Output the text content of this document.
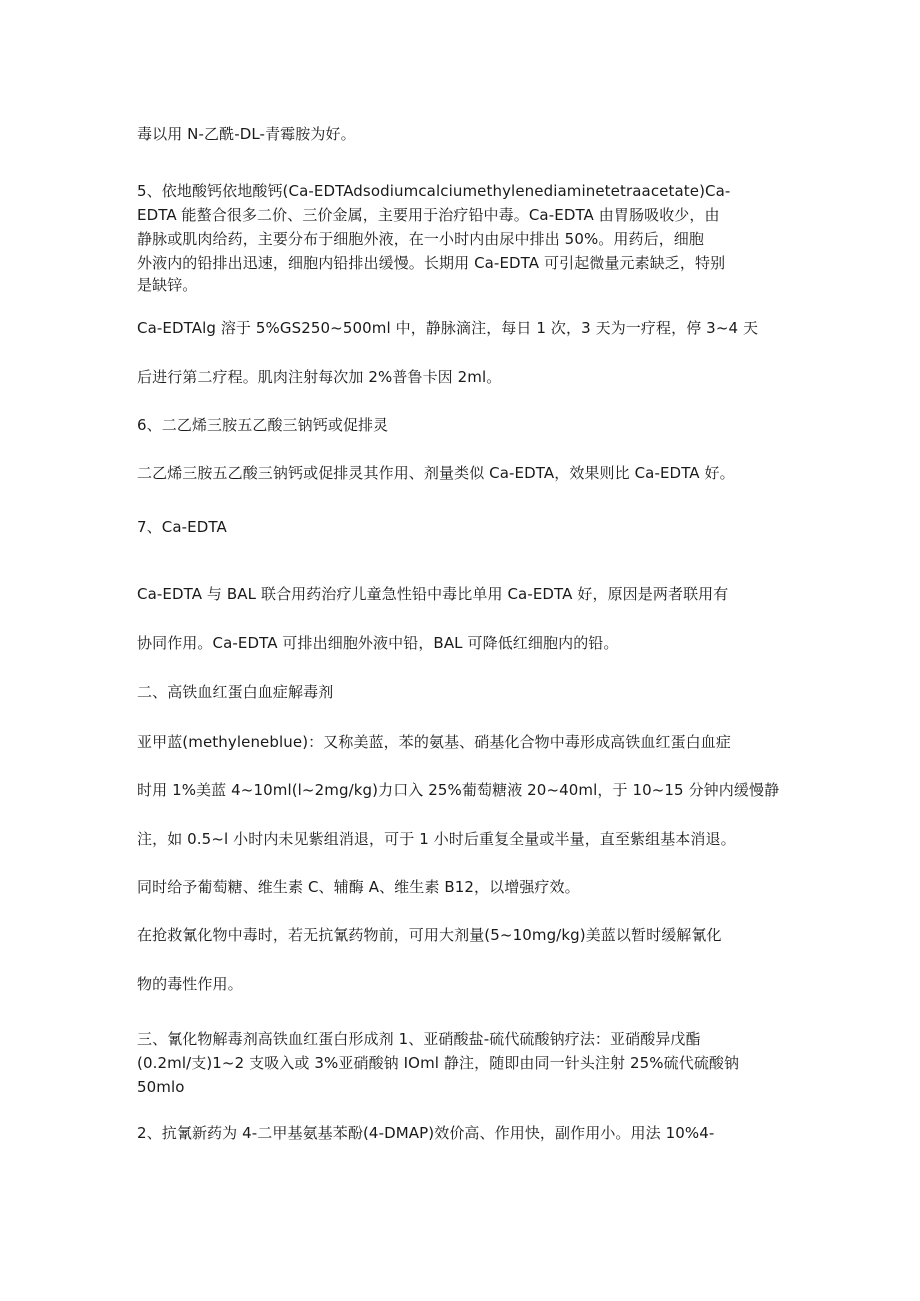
毒以用 N-乙酰-DL-青霉胺为好。
5、依地酸钙依地酸钙(Ca-EDTAdsodiumcalciumethylenediaminetetraacetate)Ca-
EDTA 能螯合很多二价、三价金属，主要用于治疗铅中毒。Ca-EDTA 由胃肠吸收少，由
静脉或肌肉给药，主要分布于细胞外液，在一小时内由尿中排出 50%。用药后，细胞
外液内的铅排出迅速，细胞内铅排出缓慢。长期用 Ca-EDTA 可引起微量元素缺乏，特别
是缺锌。
Ca-EDTAlg 溶于 5%GS250~500ml 中，静脉滴注，每日 1 次，3 天为一疗程，停 3~4 天
后进行第二疗程。肌肉注射每次加 2%普鲁卡因 2ml。
6、二乙烯三胺五乙酸三钠钙或促排灵
二乙烯三胺五乙酸三钠钙或促排灵其作用、剂量类似 Ca-EDTA，效果则比 Ca-EDTA 好。
7、Ca-EDTA
Ca-EDTA 与 BAL 联合用药治疗儿童急性铅中毒比单用 Ca-EDTA 好，原因是两者联用有
协同作用。Ca-EDTA 可排出细胞外液中铅，BAL 可降低红细胞内的铅。
二、高铁血红蛋白血症解毒剂
亚甲蓝(methyleneblue)：又称美蓝，苯的氨基、硝基化合物中毒形成高铁血红蛋白血症
时用 1%美蓝 4~10ml(l~2mg/kg)力口入 25%葡萄糖液 20~40ml，于 10~15 分钟内缓慢静
注，如 0.5~l 小时内未见紫组消退，可于 1 小时后重复全量或半量，直至紫组基本消退。
同时给予葡萄糖、维生素 C、辅酶 A、维生素 B12，以增强疗效。
在抢救氰化物中毒时，若无抗氰药物前，可用大剂量(5~10mg/kg)美蓝以暂时缓解氰化
物的毒性作用。
三、氰化物解毒剂高铁血红蛋白形成剂 1、亚硝酸盐-硫代硫酸钠疗法：亚硝酸异戊酯
(0.2ml/支)1~2 支吸入或 3%亚硝酸钠 IOml 静注，随即由同一针头注射 25%硫代硫酸钠
50mlo
2、抗氰新药为 4-二甲基氨基苯酚(4-DMAP)效价高、作用快，副作用小。用法 10%4-
